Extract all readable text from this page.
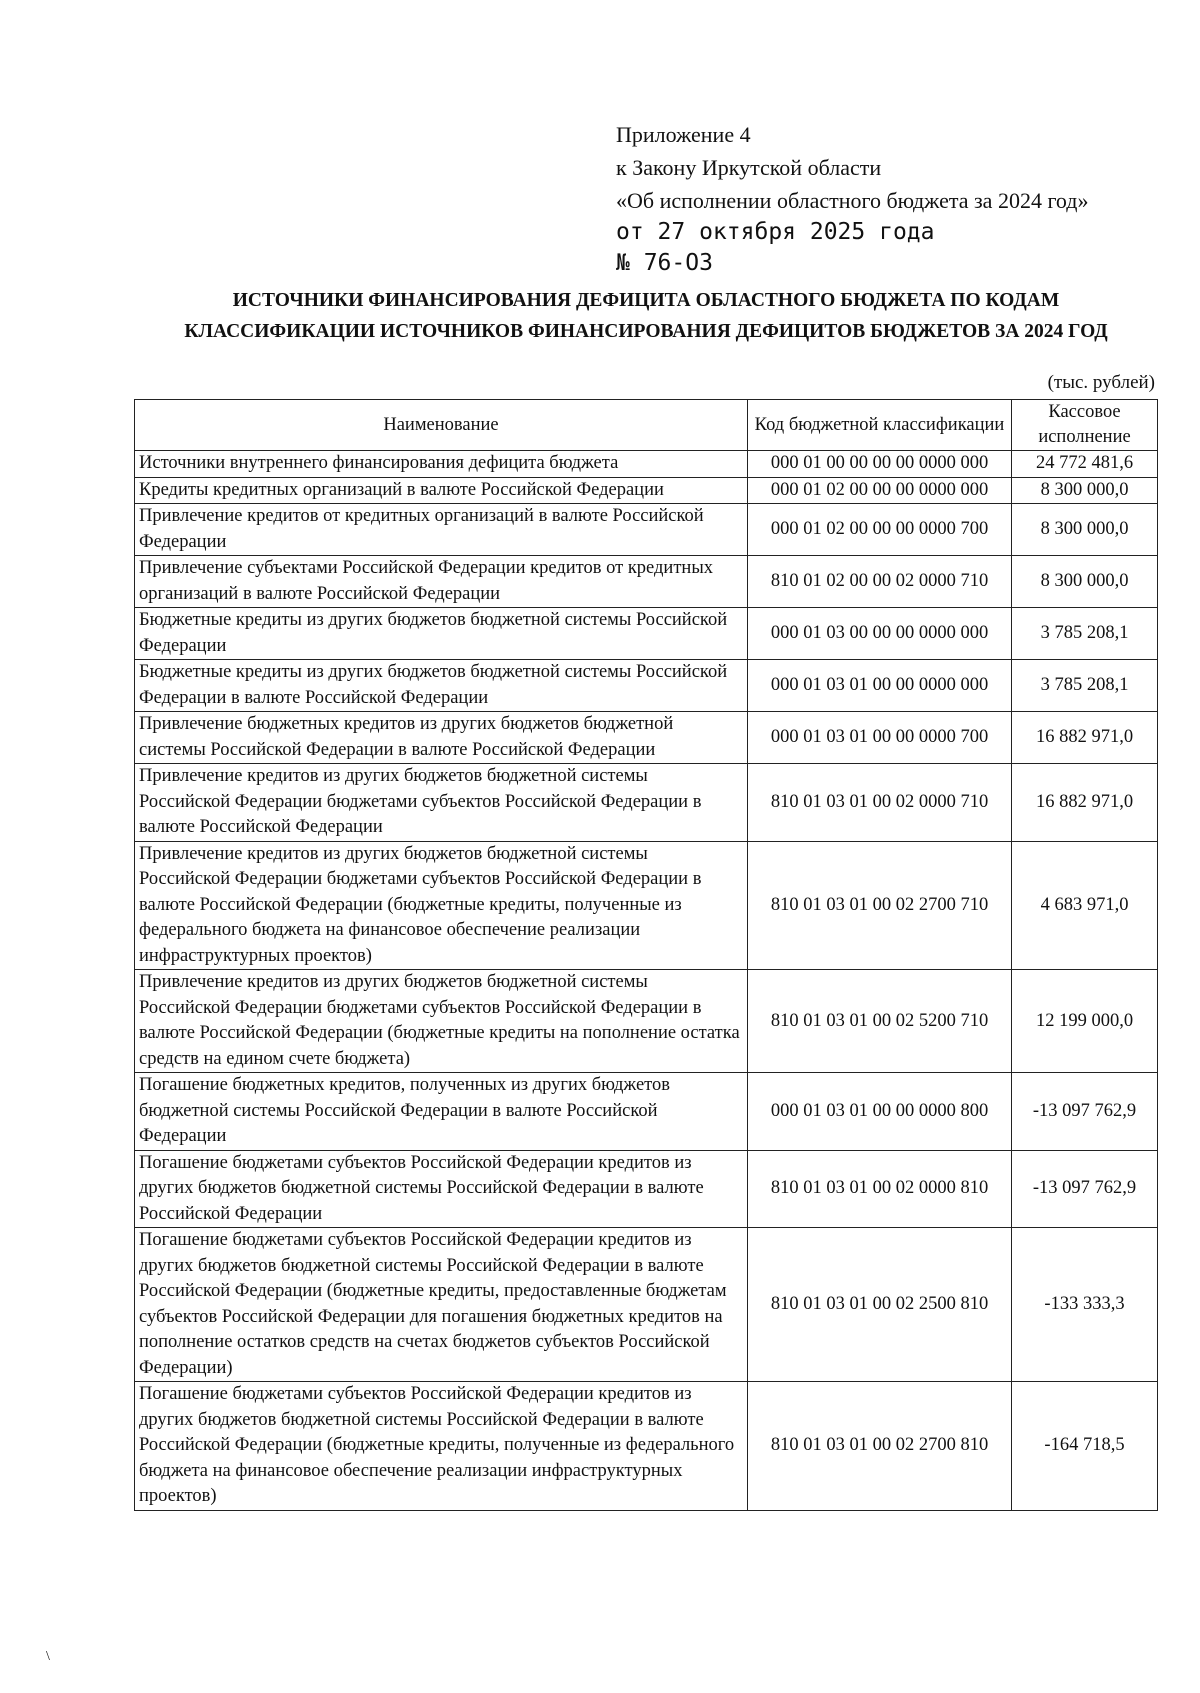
Приложение 4
к Закону Иркутской области
«Об исполнении областного бюджета за 2024 год»
от 27 октября 2025 года
№ 76-ОЗ
ИСТОЧНИКИ ФИНАНСИРОВАНИЯ ДЕФИЦИТА ОБЛАСТНОГО БЮДЖЕТА ПО КОДАМ
КЛАССИФИКАЦИИ ИСТОЧНИКОВ ФИНАНСИРОВАНИЯ ДЕФИЦИТОВ БЮДЖЕТОВ ЗА 2024 ГОД
(тыс. рублей)
Наименование	Код бюджетной классификации	Кассовое исполнение
Источники внутреннего финансирования дефицита бюджета	000 01 00 00 00 00 0000 000	24 772 481,6
Кредиты кредитных организаций в валюте Российской Федерации	000 01 02 00 00 00 0000 000	8 300 000,0
Привлечение кредитов от кредитных организаций в валюте Российской Федерации	000 01 02 00 00 00 0000 700	8 300 000,0
Привлечение субъектами Российской Федерации кредитов от кредитных организаций в валюте Российской Федерации	810 01 02 00 00 02 0000 710	8 300 000,0
Бюджетные кредиты из других бюджетов бюджетной системы Российской Федерации	000 01 03 00 00 00 0000 000	3 785 208,1
Бюджетные кредиты из других бюджетов бюджетной системы Российской Федерации в валюте Российской Федерации	000 01 03 01 00 00 0000 000	3 785 208,1
Привлечение бюджетных кредитов из других бюджетов бюджетной системы Российской Федерации в валюте Российской Федерации	000 01 03 01 00 00 0000 700	16 882 971,0
Привлечение кредитов из других бюджетов бюджетной системы Российской Федерации бюджетами субъектов Российской Федерации в валюте Российской Федерации	810 01 03 01 00 02 0000 710	16 882 971,0
Привлечение кредитов из других бюджетов бюджетной системы Российской Федерации бюджетами субъектов Российской Федерации в валюте Российской Федерации (бюджетные кредиты, полученные из федерального бюджета на финансовое обеспечение реализации инфраструктурных проектов)	810 01 03 01 00 02 2700 710	4 683 971,0
Привлечение кредитов из других бюджетов бюджетной системы Российской Федерации бюджетами субъектов Российской Федерации в валюте Российской Федерации (бюджетные кредиты на пополнение остатка средств на едином счете бюджета)	810 01 03 01 00 02 5200 710	12 199 000,0
Погашение бюджетных кредитов, полученных из других бюджетов бюджетной системы Российской Федерации в валюте Российской Федерации	000 01 03 01 00 00 0000 800	-13 097 762,9
Погашение бюджетами субъектов Российской Федерации кредитов из других бюджетов бюджетной системы Российской Федерации в валюте Российской Федерации	810 01 03 01 00 02 0000 810	-13 097 762,9
Погашение бюджетами субъектов Российской Федерации кредитов из других бюджетов бюджетной системы Российской Федерации в валюте Российской Федерации (бюджетные кредиты, предоставленные бюджетам субъектов Российской Федерации для погашения бюджетных кредитов на пополнение остатков средств на счетах бюджетов субъектов Российской Федерации)	810 01 03 01 00 02 2500 810	-133 333,3
Погашение бюджетами субъектов Российской Федерации кредитов из других бюджетов бюджетной системы Российской Федерации в валюте Российской Федерации (бюджетные кредиты, полученные из федерального бюджета на финансовое обеспечение реализации инфраструктурных проектов)	810 01 03 01 00 02 2700 810	-164 718,5
\
